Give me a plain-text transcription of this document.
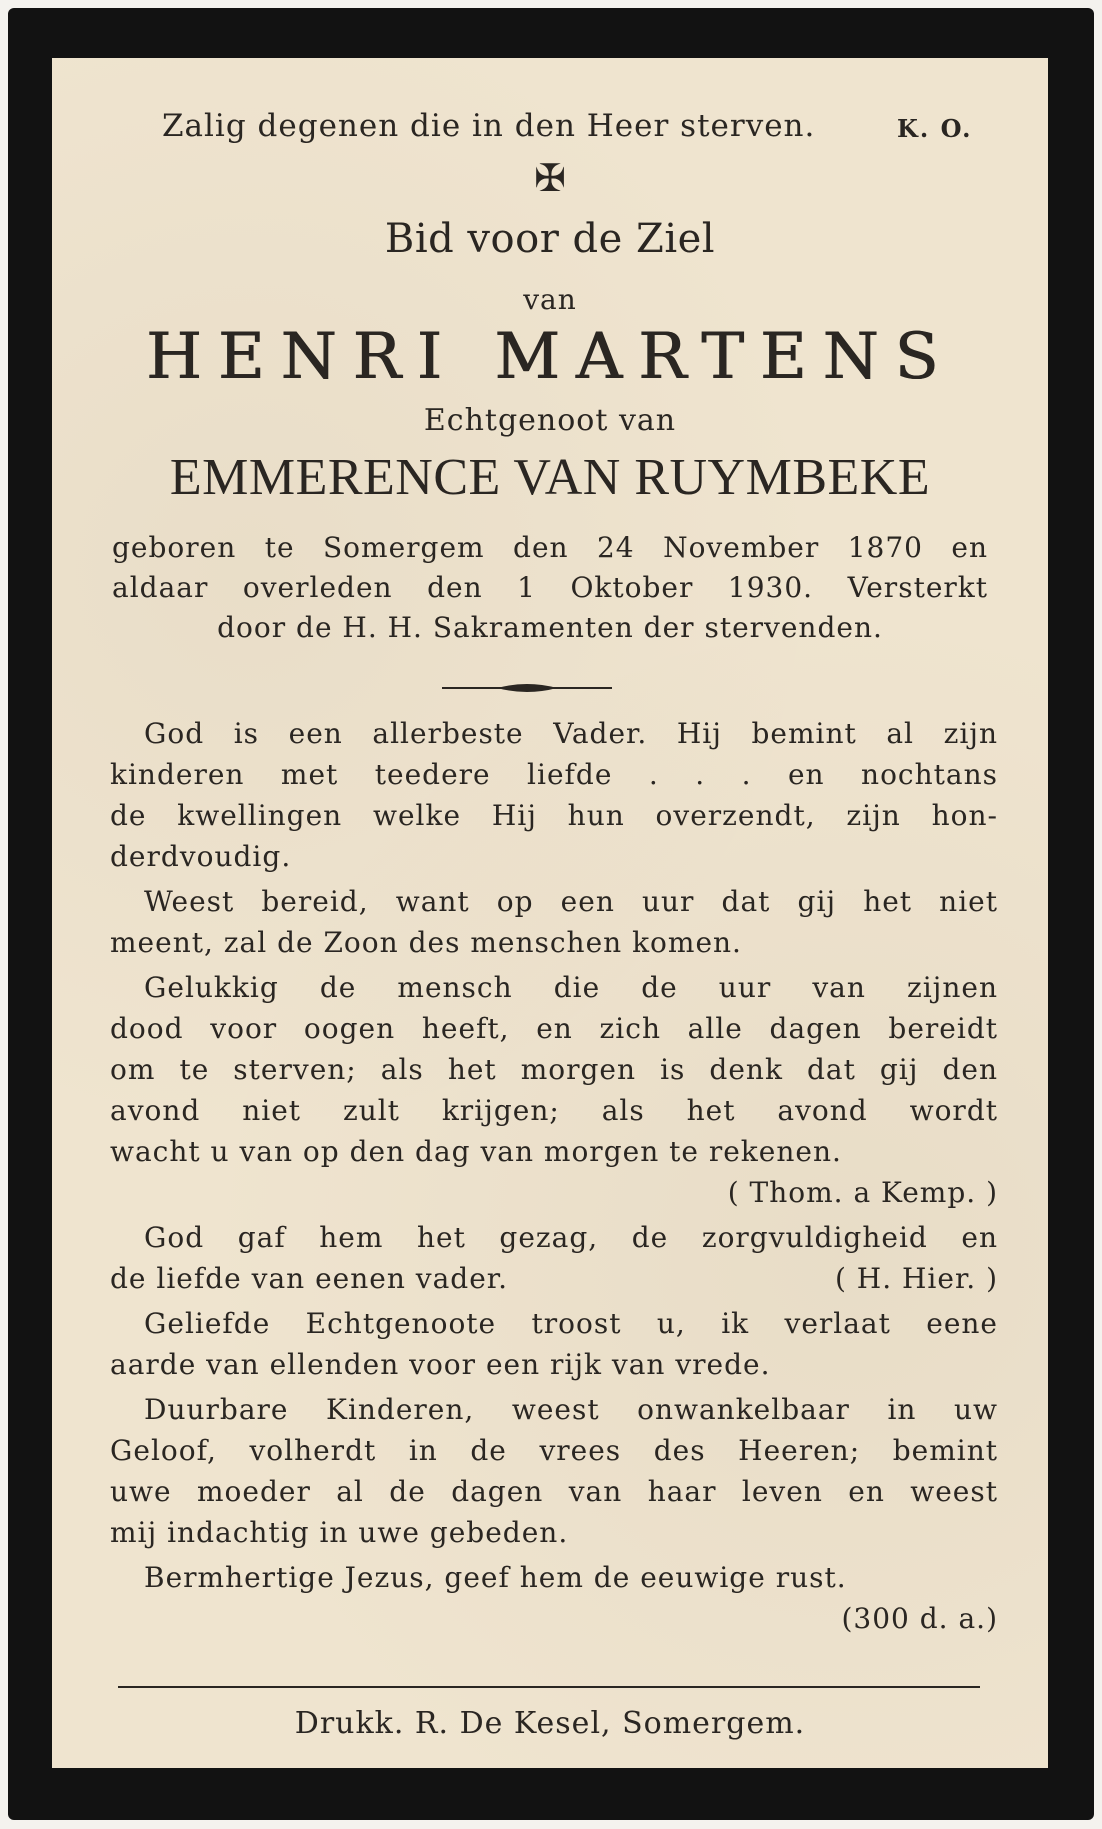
Zalig degenen die in den Heer sterven.	K. O.
✠
Bid voor de Ziel
van
HENRI MARTENS
Echtgenoot van
EMMERENCE VAN RUYMBEKE

geboren te Somergem den 24 November 1870 en

aldaar overleden den 1 Oktober 1930. Versterkt

door de H. H. Sakramenten der stervenden.

God is een allerbeste Vader. Hij bemint al zijn
kinderen met teedere liefde . . . en nochtans
de kwellingen welke Hij hun overzendt, zijn hon-
derdvoudig.
Weest bereid, want op een uur dat gij het niet
meent, zal de Zoon des menschen komen.
Gelukkig de mensch die de uur van zijnen
dood voor oogen heeft, en zich alle dagen bereidt
om te sterven; als het morgen is denk dat gij den
avond niet zult krijgen; als het avond wordt
wacht u van op den dag van morgen te rekenen.
( Thom. a Kemp. )
God gaf hem het gezag, de zorgvuldigheid en
de liefde van eenen vader.	( H. Hier. )
Geliefde Echtgenoote troost u, ik verlaat eene
aarde van ellenden voor een rijk van vrede.
Duurbare Kinderen, weest onwankelbaar in uw
Geloof, volherdt in de vrees des Heeren; bemint
uwe moeder al de dagen van haar leven en weest
mij indachtig in uwe gebeden.
Bermhertige Jezus, geef hem de eeuwige rust.
(300 d. a.)
Drukk. R. De Kesel, Somergem.
